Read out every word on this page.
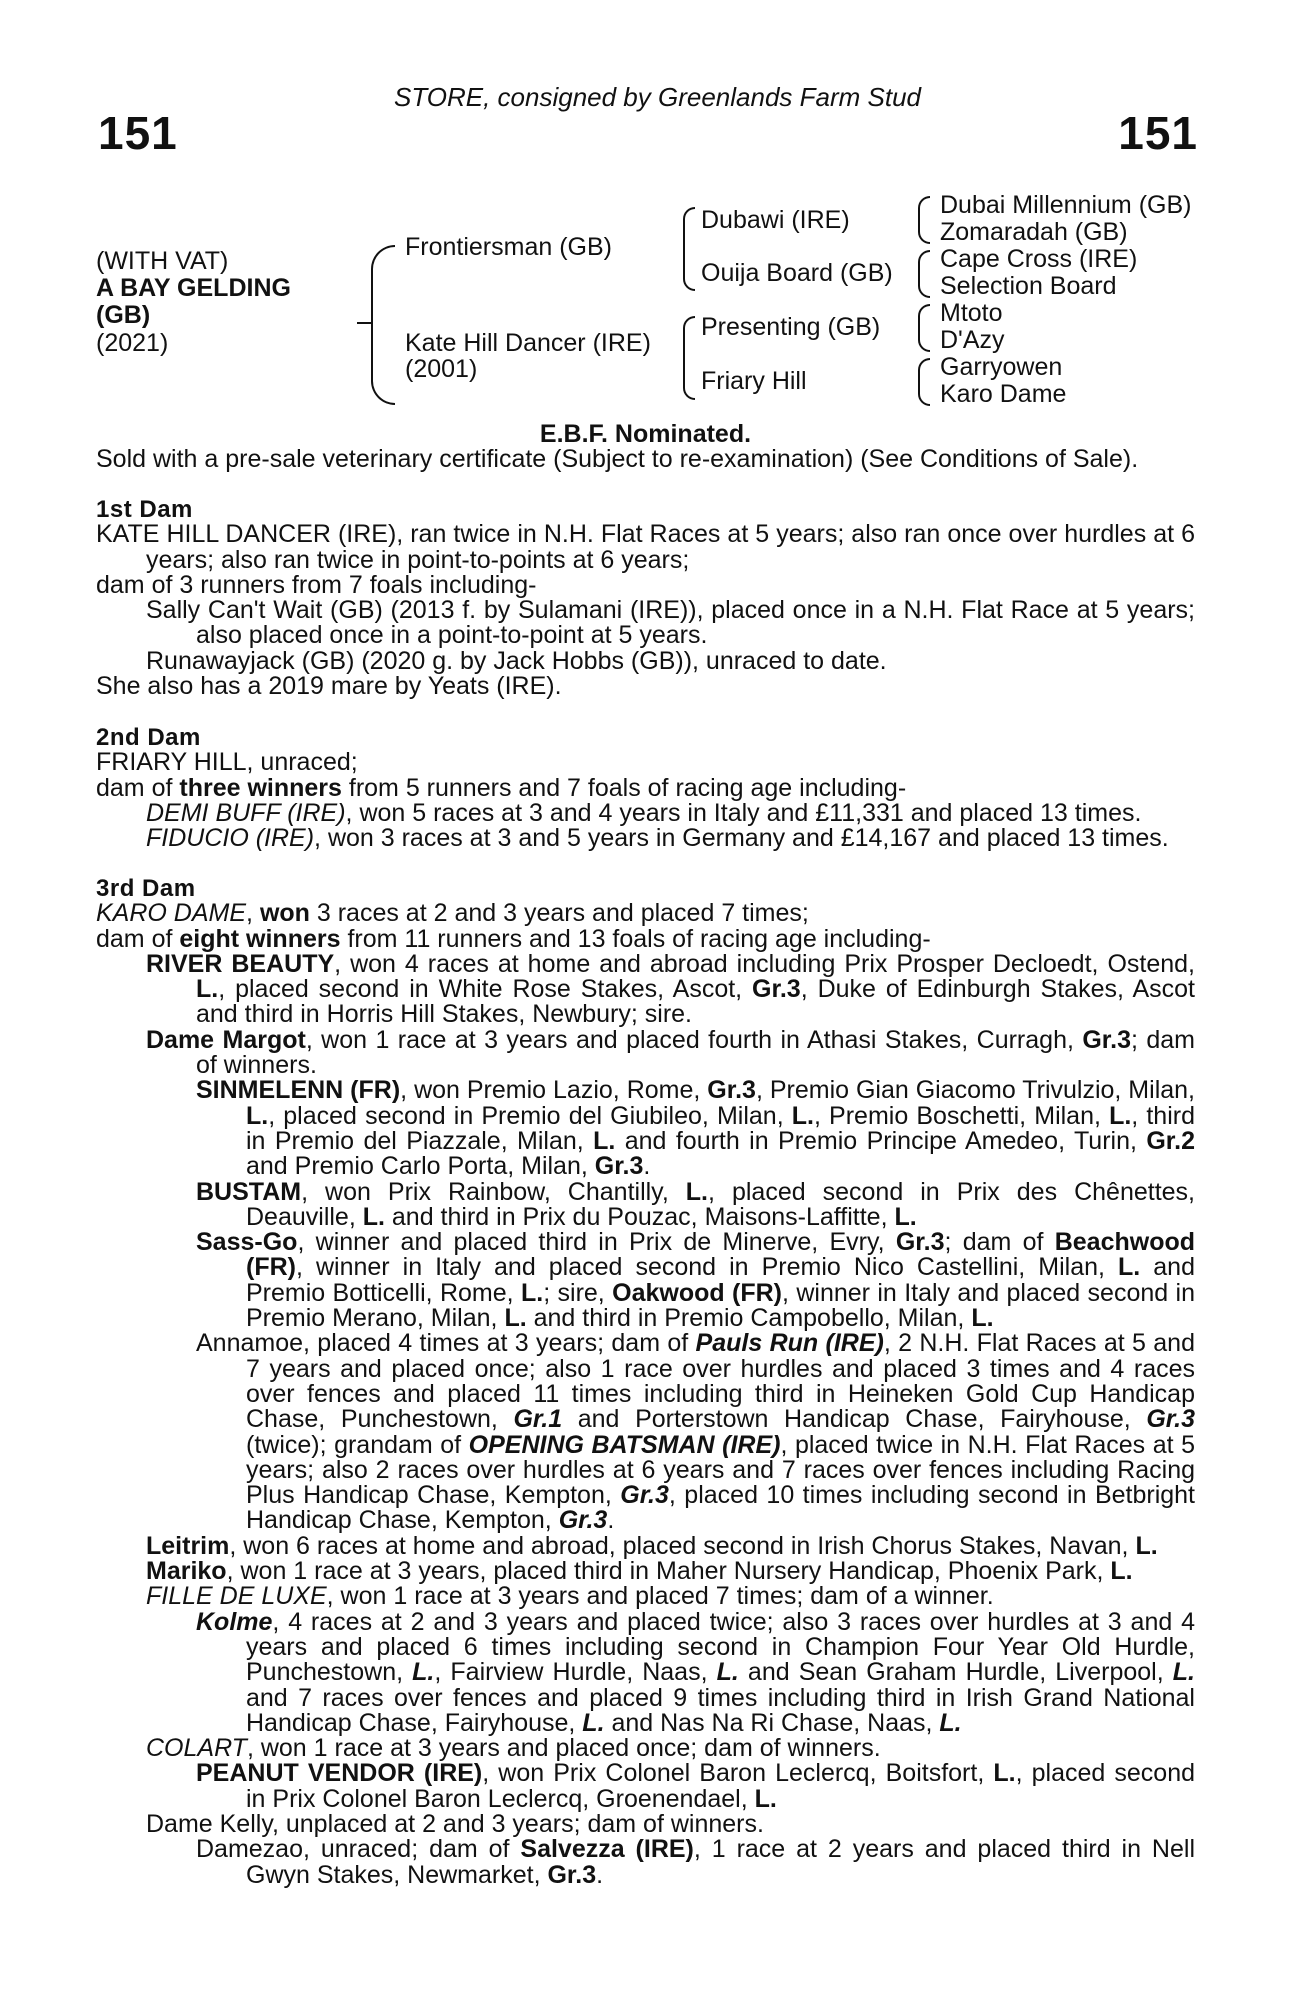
151
STORE, consigned by Greenlands Farm Stud
151
(WITH VAT)
A BAY GELDING
(GB)
(2021)
Frontiersman (GB)
Kate Hill Dancer (IRE)
(2001)
Dubawi (IRE)
Ouija Board (GB)
Presenting (GB)
Friary Hill
Dubai Millennium (GB)
Zomaradah (GB)
Cape Cross (IRE)
Selection Board
Mtoto
D'Azy
Garryowen
Karo Dame

E.B.F. Nominated.

Sold with a pre-sale veterinary certificate (Subject to re-examination) (See Conditions of Sale).

1st Dam

KATE HILL DANCER (IRE), ran twice in N.H. Flat Races at 5 years; also ran once over hurdles at 6 years; also ran twice in point-to-points at 6 years;

dam of 3 runners from 7 foals including-

Sally Can't Wait (GB) (2013 f. by Sulamani (IRE)), placed once in a N.H. Flat Race at 5 years; also placed once in a point-to-point at 5 years.

Runawayjack (GB) (2020 g. by Jack Hobbs (GB)), unraced to date.

She also has a 2019 mare by Yeats (IRE).

2nd Dam

FRIARY HILL, unraced;

dam of three winners from 5 runners and 7 foals of racing age including-

DEMI BUFF (IRE), won 5 races at 3 and 4 years in Italy and £11,331 and placed 13 times.

FIDUCIO (IRE), won 3 races at 3 and 5 years in Germany and £14,167 and placed 13 times.

3rd Dam

KARO DAME, won 3 races at 2 and 3 years and placed 7 times;

dam of eight winners from 11 runners and 13 foals of racing age including-

RIVER BEAUTY, won 4 races at home and abroad including Prix Prosper Decloedt, Ostend, L., placed second in White Rose Stakes, Ascot, Gr.3, Duke of Edinburgh Stakes, Ascot and third in Horris Hill Stakes, Newbury; sire.

Dame Margot, won 1 race at 3 years and placed fourth in Athasi Stakes, Curragh, Gr.3; dam of winners.

SINMELENN (FR), won Premio Lazio, Rome, Gr.3, Premio Gian Giacomo Trivulzio, Milan, L., placed second in Premio del Giubileo, Milan, L., Premio Boschetti, Milan, L., third in Premio del Piazzale, Milan, L. and fourth in Premio Principe Amedeo, Turin, Gr.2 and Premio Carlo Porta, Milan, Gr.3.

BUSTAM, won Prix Rainbow, Chantilly, L., placed second in Prix des Chênettes, Deauville, L. and third in Prix du Pouzac, Maisons-Laffitte, L.

Sass-Go, winner and placed third in Prix de Minerve, Evry, Gr.3; dam of Beachwood (FR), winner in Italy and placed second in Premio Nico Castellini, Milan, L. and Premio Botticelli, Rome, L.; sire, Oakwood (FR), winner in Italy and placed second in Premio Merano, Milan, L. and third in Premio Campobello, Milan, L.

Annamoe, placed 4 times at 3 years; dam of Pauls Run (IRE), 2 N.H. Flat Races at 5 and 7 years and placed once; also 1 race over hurdles and placed 3 times and 4 races over fences and placed 11 times including third in Heineken Gold Cup Handicap Chase, Punchestown, Gr.1 and Porterstown Handicap Chase, Fairyhouse, Gr.3 (twice); grandam of OPENING BATSMAN (IRE), placed twice in N.H. Flat Races at 5 years; also 2 races over hurdles at 6 years and 7 races over fences including Racing Plus Handicap Chase, Kempton, Gr.3, placed 10 times including second in Betbright Handicap Chase, Kempton, Gr.3.

Leitrim, won 6 races at home and abroad, placed second in Irish Chorus Stakes, Navan, L.

Mariko, won 1 race at 3 years, placed third in Maher Nursery Handicap, Phoenix Park, L.

FILLE DE LUXE, won 1 race at 3 years and placed 7 times; dam of a winner.

Kolme, 4 races at 2 and 3 years and placed twice; also 3 races over hurdles at 3 and 4 years and placed 6 times including second in Champion Four Year Old Hurdle, Punchestown, L., Fairview Hurdle, Naas, L. and Sean Graham Hurdle, Liverpool, L. and 7 races over fences and placed 9 times including third in Irish Grand National Handicap Chase, Fairyhouse, L. and Nas Na Ri Chase, Naas, L.

COLART, won 1 race at 3 years and placed once; dam of winners.

PEANUT VENDOR (IRE), won Prix Colonel Baron Leclercq, Boitsfort, L., placed second in Prix Colonel Baron Leclercq, Groenendael, L.

Dame Kelly, unplaced at 2 and 3 years; dam of winners.

Damezao, unraced; dam of Salvezza (IRE), 1 race at 2 years and placed third in Nell Gwyn Stakes, Newmarket, Gr.3.
